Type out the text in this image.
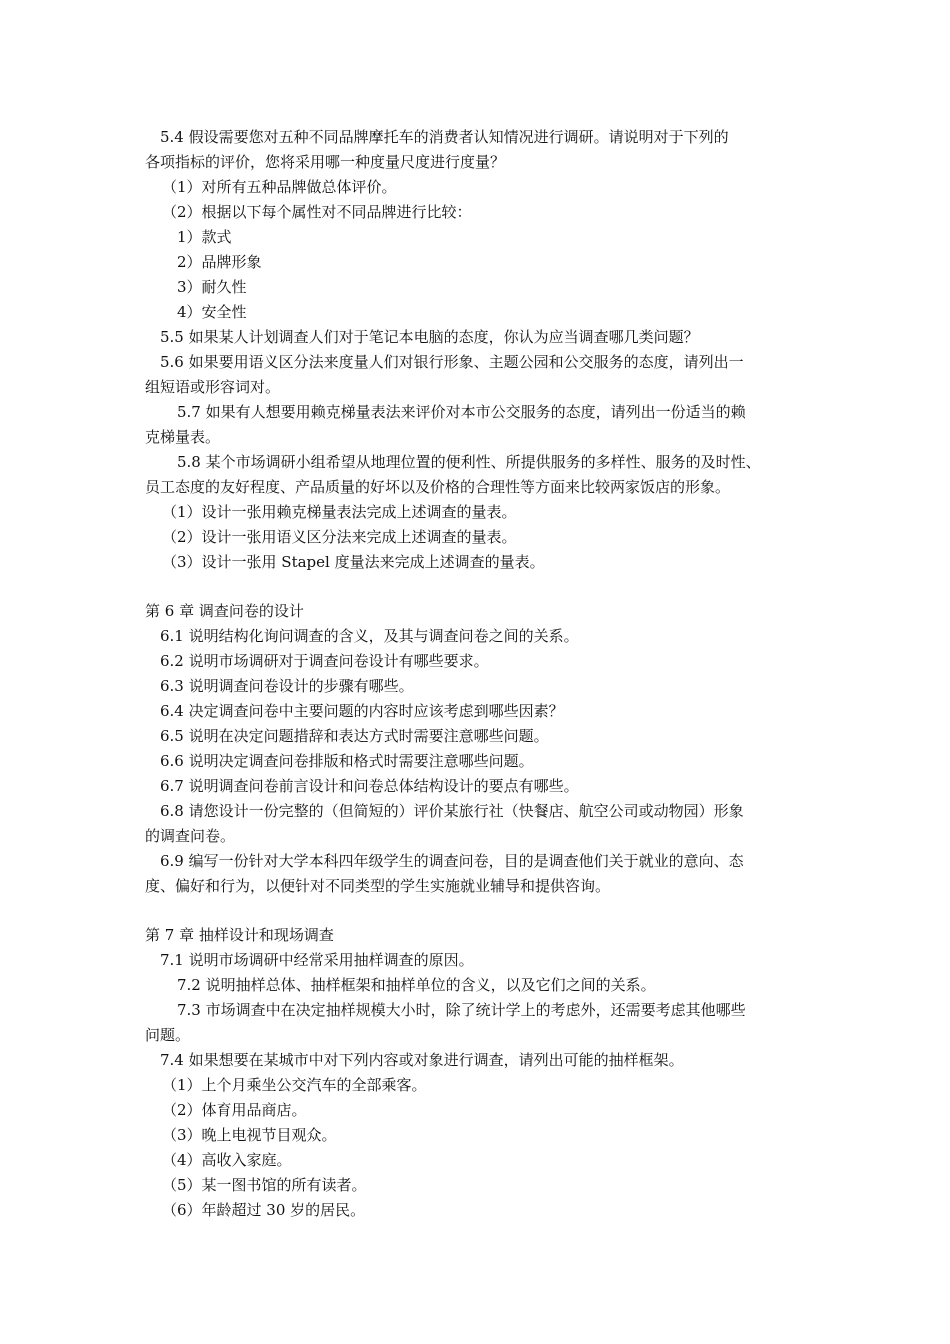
5.4 假设需要您对五种不同品牌摩托车的消费者认知情况进行调研。请说明对于下列的
各项指标的评价，您将采用哪一种度量尺度进行度量？
（1）对所有五种品牌做总体评价。
（2）根据以下每个属性对不同品牌进行比较：
1）款式
2）品牌形象
3）耐久性
4）安全性
5.5 如果某人计划调查人们对于笔记本电脑的态度，你认为应当调查哪几类问题？
5.6 如果要用语义区分法来度量人们对银行形象、主题公园和公交服务的态度，请列出一
组短语或形容词对。
5.7 如果有人想要用赖克梯量表法来评价对本市公交服务的态度，请列出一份适当的赖
克梯量表。
5.8 某个市场调研小组希望从地理位置的便利性、所提供服务的多样性、服务的及时性、
员工态度的友好程度、产品质量的好坏以及价格的合理性等方面来比较两家饭店的形象。
（1）设计一张用赖克梯量表法完成上述调查的量表。
（2）设计一张用语义区分法来完成上述调查的量表。
（3）设计一张用 Stapel 度量法来完成上述调查的量表。
第 6 章 调查问卷的设计
6.1 说明结构化询问调查的含义，及其与调查问卷之间的关系。
6.2 说明市场调研对于调查问卷设计有哪些要求。
6.3 说明调查问卷设计的步骤有哪些。
6.4 决定调查问卷中主要问题的内容时应该考虑到哪些因素？
6.5 说明在决定问题措辞和表达方式时需要注意哪些问题。
6.6 说明决定调查问卷排版和格式时需要注意哪些问题。
6.7 说明调查问卷前言设计和问卷总体结构设计的要点有哪些。
6.8 请您设计一份完整的（但简短的）评价某旅行社（快餐店、航空公司或动物园）形象
的调查问卷。
6.9 编写一份针对大学本科四年级学生的调查问卷，目的是调查他们关于就业的意向、态
度、偏好和行为，以便针对不同类型的学生实施就业辅导和提供咨询。
第 7 章 抽样设计和现场调查
7.1 说明市场调研中经常采用抽样调查的原因。
7.2 说明抽样总体、抽样框架和抽样单位的含义，以及它们之间的关系。
7.3 市场调查中在决定抽样规模大小时，除了统计学上的考虑外，还需要考虑其他哪些
问题。
7.4 如果想要在某城市中对下列内容或对象进行调查，请列出可能的抽样框架。
（1）上个月乘坐公交汽车的全部乘客。
（2）体育用品商店。
（3）晚上电视节目观众。
（4）高收入家庭。
（5）某一图书馆的所有读者。
（6）年龄超过 30 岁的居民。
